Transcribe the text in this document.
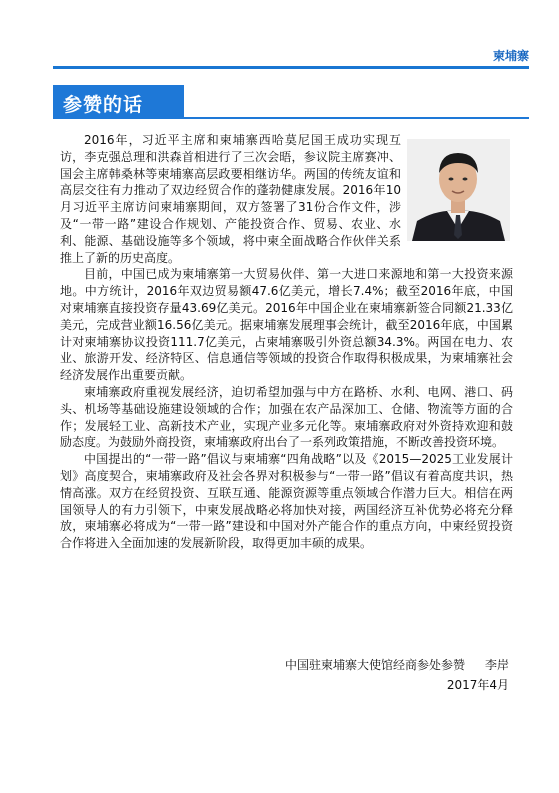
柬埔寨
参赞的话

2016年，习近平主席和柬埔寨西哈莫尼国王成功实现互访，李克强总理和洪森首相进行了三次会晤，参议院主席赛冲、国会主席韩桑林等柬埔寨高层政要相继访华。两国的传统友谊和高层交往有力推动了双边经贸合作的蓬勃健康发展。2016年10月习近平主席访问柬埔寨期间，双方签署了31份合作文件，涉及“一带一路”建设合作规划、产能投资合作、贸易、农业、水利、能源、基础设施等多个领域，将中柬全面战略合作伙伴关系推上了新的历史高度。

目前，中国已成为柬埔寨第一大贸易伙伴、第一大进口来源地和第一大投资来源地。中方统计，2016年双边贸易额47.6亿美元，增长7.4%；截至2016年底，中国对柬埔寨直接投资存量43.69亿美元。2016年中国企业在柬埔寨新签合同额21.33亿美元，完成营业额16.56亿美元。据柬埔寨发展理事会统计，截至2016年底，中国累计对柬埔寨协议投资111.7亿美元，占柬埔寨吸引外资总额34.3%。两国在电力、农业、旅游开发、经济特区、信息通信等领域的投资合作取得积极成果，为柬埔寨社会经济发展作出重要贡献。

柬埔寨政府重视发展经济，迫切希望加强与中方在路桥、水利、电网、港口、码头、机场等基础设施建设领域的合作；加强在农产品深加工、仓储、物流等方面的合作；发展轻工业、高新技术产业，实现产业多元化等。柬埔寨政府对外资持欢迎和鼓励态度。为鼓励外商投资，柬埔寨政府出台了一系列政策措施，不断改善投资环境。

中国提出的“一带一路”倡议与柬埔寨“四角战略”以及《2015—2025工业发展计划》高度契合，柬埔寨政府及社会各界对积极参与“一带一路”倡议有着高度共识，热情高涨。双方在经贸投资、互联互通、能源资源等重点领域合作潜力巨大。相信在两国领导人的有力引领下，中柬发展战略必将加快对接，两国经济互补优势必将充分释放，柬埔寨必将成为“一带一路”建设和中国对外产能合作的重点方向，中柬经贸投资合作将进入全面加速的发展新阶段，取得更加丰硕的成果。

中国驻柬埔寨大使馆经商参处参赞 李岸
2017年4月
